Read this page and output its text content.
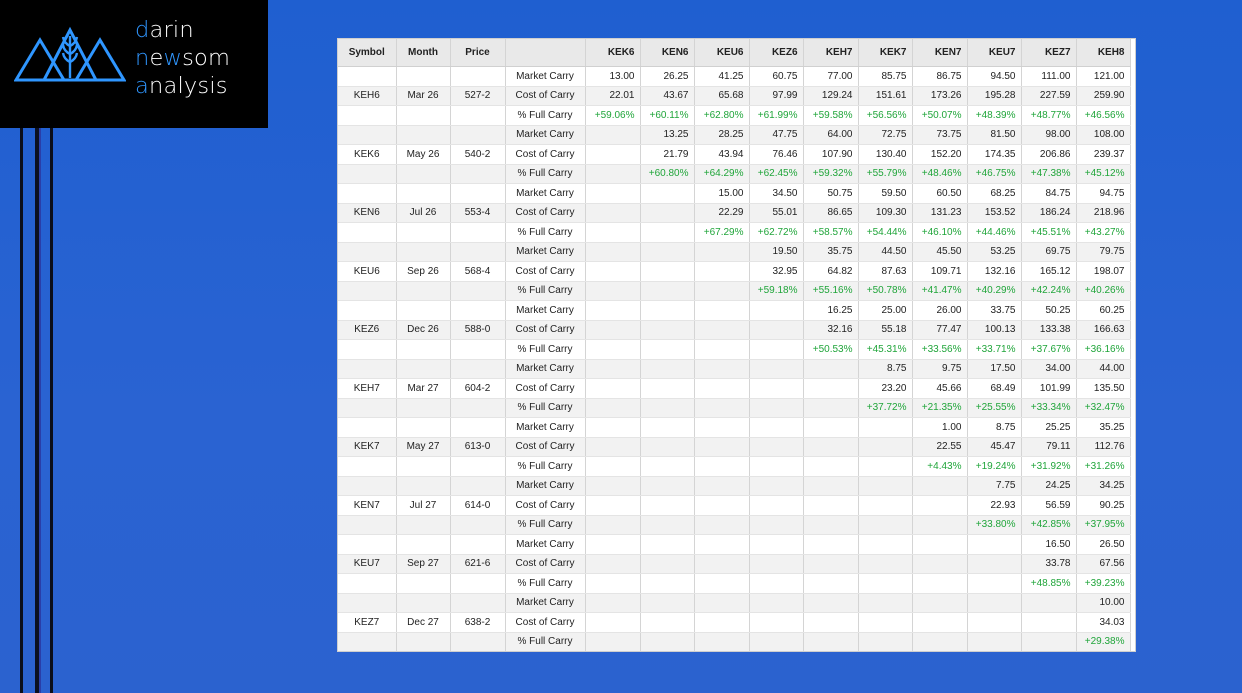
darin
newsom
analysis
Symbol	Month	Price		KEK6	KEN6	KEU6	KEZ6	KEH7	KEK7	KEN7	KEU7	KEZ7	KEH8
			Market Carry	13.00	26.25	41.25	60.75	77.00	85.75	86.75	94.50	111.00	121.00
KEH6	Mar 26	527-2	Cost of Carry	22.01	43.67	65.68	97.99	129.24	151.61	173.26	195.28	227.59	259.90
			% Full Carry	+59.06%	+60.11%	+62.80%	+61.99%	+59.58%	+56.56%	+50.07%	+48.39%	+48.77%	+46.56%
			Market Carry		13.25	28.25	47.75	64.00	72.75	73.75	81.50	98.00	108.00
KEK6	May 26	540-2	Cost of Carry		21.79	43.94	76.46	107.90	130.40	152.20	174.35	206.86	239.37
			% Full Carry		+60.80%	+64.29%	+62.45%	+59.32%	+55.79%	+48.46%	+46.75%	+47.38%	+45.12%
			Market Carry			15.00	34.50	50.75	59.50	60.50	68.25	84.75	94.75
KEN6	Jul 26	553-4	Cost of Carry			22.29	55.01	86.65	109.30	131.23	153.52	186.24	218.96
			% Full Carry			+67.29%	+62.72%	+58.57%	+54.44%	+46.10%	+44.46%	+45.51%	+43.27%
			Market Carry				19.50	35.75	44.50	45.50	53.25	69.75	79.75
KEU6	Sep 26	568-4	Cost of Carry				32.95	64.82	87.63	109.71	132.16	165.12	198.07
			% Full Carry				+59.18%	+55.16%	+50.78%	+41.47%	+40.29%	+42.24%	+40.26%
			Market Carry					16.25	25.00	26.00	33.75	50.25	60.25
KEZ6	Dec 26	588-0	Cost of Carry					32.16	55.18	77.47	100.13	133.38	166.63
			% Full Carry					+50.53%	+45.31%	+33.56%	+33.71%	+37.67%	+36.16%
			Market Carry						8.75	9.75	17.50	34.00	44.00
KEH7	Mar 27	604-2	Cost of Carry						23.20	45.66	68.49	101.99	135.50
			% Full Carry						+37.72%	+21.35%	+25.55%	+33.34%	+32.47%
			Market Carry							1.00	8.75	25.25	35.25
KEK7	May 27	613-0	Cost of Carry							22.55	45.47	79.11	112.76
			% Full Carry							+4.43%	+19.24%	+31.92%	+31.26%
			Market Carry								7.75	24.25	34.25
KEN7	Jul 27	614-0	Cost of Carry								22.93	56.59	90.25
			% Full Carry								+33.80%	+42.85%	+37.95%
			Market Carry									16.50	26.50
KEU7	Sep 27	621-6	Cost of Carry									33.78	67.56
			% Full Carry									+48.85%	+39.23%
			Market Carry										10.00
KEZ7	Dec 27	638-2	Cost of Carry										34.03
			% Full Carry										+29.38%
